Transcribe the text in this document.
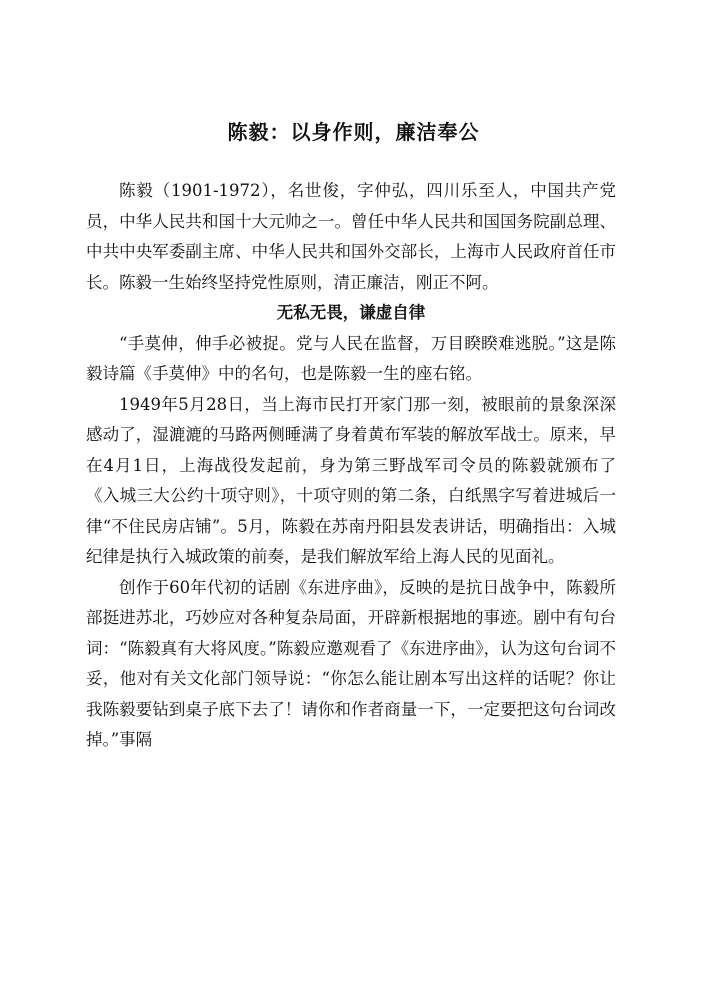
陈毅：以身作则，廉洁奉公

陈毅（1901-1972），名世俊，字仲弘，四川乐至人，中国共产党员，中华人民共和国十大元帅之一。曾任中华人民共和国国务院副总理、中共中央军委副主席、中华人民共和国外交部长，上海市人民政府首任市长。陈毅一生始终坚持党性原则，清正廉洁，刚正不阿。

无私无畏，谦虚自律

“手莫伸，伸手必被捉。党与人民在监督，万目睽睽难逃脱。”这是陈毅诗篇《手莫伸》中的名句，也是陈毅一生的座右铭。

1949年5月28日，当上海市民打开家门那一刻，被眼前的景象深深感动了，湿漉漉的马路两侧睡满了身着黄布军装的解放军战士。原来，早在4月1日，上海战役发起前，身为第三野战军司令员的陈毅就颁布了《入城三大公约十项守则》，十项守则的第二条，白纸黑字写着进城后一律“不住民房店铺”。5月，陈毅在苏南丹阳县发表讲话，明确指出：入城纪律是执行入城政策的前奏，是我们解放军给上海人民的见面礼。

创作于60年代初的话剧《东进序曲》，反映的是抗日战争中，陈毅所部挺进苏北，巧妙应对各种复杂局面，开辟新根据地的事迹。剧中有句台词：“陈毅真有大将风度。”陈毅应邀观看了《东进序曲》，认为这句台词不妥，他对有关文化部门领导说：“你怎么能让剧本写出这样的话呢？你让我陈毅要钻到桌子底下去了！请你和作者商量一下，一定要把这句台词改掉。”事隔
